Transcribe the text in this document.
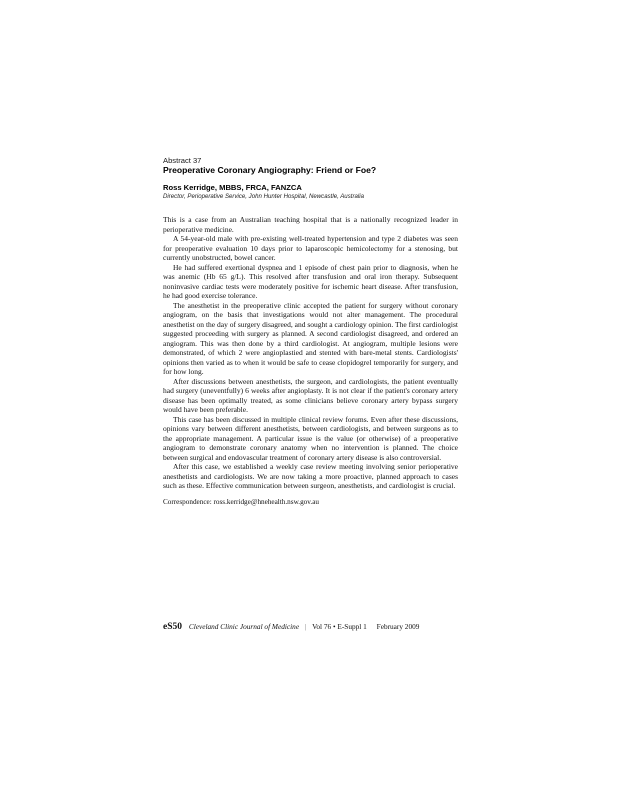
Abstract 37
Preoperative Coronary Angiography: Friend or Foe?
Ross Kerridge, MBBS, FRCA, FANZCA
Director, Perioperative Service, John Hunter Hospital, Newcastle, Australia

This is a case from an Australian teaching hospital that is a nationally recognized leader in perioperative medicine.

A 54-year-old male with pre-existing well-treated hypertension and type 2 diabetes was seen for preoperative evaluation 10 days prior to laparoscopic hemicolectomy for a stenosing, but currently unobstructed, bowel cancer.

He had suffered exertional dyspnea and 1 episode of chest pain prior to diagnosis, when he was anemic (Hb 65 g/L). This resolved after transfusion and oral iron therapy. Subsequent noninvasive cardiac tests were moderately positive for ischemic heart disease. After transfusion, he had good exercise tolerance.

The anesthetist in the preoperative clinic accepted the patient for surgery without coronary angiogram, on the basis that investigations would not alter management. The procedural anesthetist on the day of surgery disagreed, and sought a cardiology opinion. The first cardiologist suggested proceeding with surgery as planned. A second cardiologist disagreed, and ordered an angiogram. This was then done by a third cardiologist. At angiogram, multiple lesions were demonstrated, of which 2 were angioplastied and stented with bare-metal stents. Cardiologists' opinions then varied as to when it would be safe to cease clopidogrel temporarily for surgery, and for how long.

After discussions between anesthetists, the surgeon, and cardiologists, the patient eventually had surgery (uneventfully) 6 weeks after angioplasty. It is not clear if the patient's coronary artery disease has been optimally treated, as some clinicians believe coronary artery bypass surgery would have been preferable.

This case has been discussed in multiple clinical review forums. Even after these discussions, opinions vary between different anesthetists, between cardiologists, and between surgeons as to the appropriate management. A particular issue is the value (or otherwise) of a preoperative angiogram to demonstrate coronary anatomy when no intervention is planned. The choice between surgical and endovascular treatment of coronary artery disease is also controversial.

After this case, we established a weekly case review meeting involving senior perioperative anesthetists and cardiologists. We are now taking a more proactive, planned approach to cases such as these. Effective communication between surgeon, anesthetists, and cardiologist is crucial.

Correspondence: ross.kerridge@hnehealth.nsw.gov.au
eS50 Cleveland Clinic Journal of Medicine | Vol 76 • E-Suppl 1 February 2009
